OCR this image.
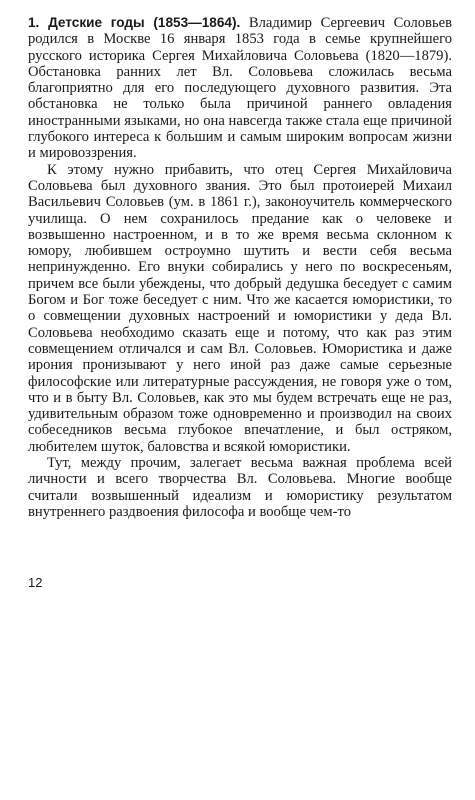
1. Детские годы (1853—1864). Владимир Сергеевич Соловьев родился в Москве 16 января 1853 года в семье крупнейшего русского историка Сергея Михайловича Соловьева (1820—1879). Обстановка ранних лет Вл. Соловьева сложилась весьма благоприятно для его последующего духовного развития. Эта обстановка не только была причиной раннего овладения иностранными языками, но она навсегда также стала еще причиной глубокого интереса к большим и самым широким вопросам жизни и мировоззрения.

К этому нужно прибавить, что отец Сергея Михайловича Соловьева был духовного звания. Это был протоиерей Михаил Васильевич Соловьев (ум. в 1861 г.), законоучитель коммерческого училища. О нем сохранилось предание как о человеке и возвышенно настроенном, и в то же время весьма склонном к юмору, любившем остроумно шутить и вести себя весьма непринужденно. Его внуки собирались у него по воскресеньям, причем все были убеждены, что добрый дедушка беседует с самим Богом и Бог тоже беседует с ним. Что же касается юмористики, то о совмещении духовных настроений и юмористики у деда Вл. Соловьева необходимо сказать еще и потому, что как раз этим совмещением отличался и сам Вл. Соловьев. Юмористика и даже ирония пронизывают у него иной раз даже самые серьезные философские или литературные рассуждения, не говоря уже о том, что и в быту Вл. Соловьев, как это мы будем встречать еще не раз, удивительным образом тоже одновременно и производил на своих собеседников весьма глубокое впечатление, и был остряком, любителем шуток, баловства и всякой юмористики.

Тут, между прочим, залегает весьма важная проблема всей личности и всего творчества Вл. Соловьева. Многие вообще считали возвышенный идеализм и юмористику результатом внутреннего раздвоения философа и вообще чем-то

12
